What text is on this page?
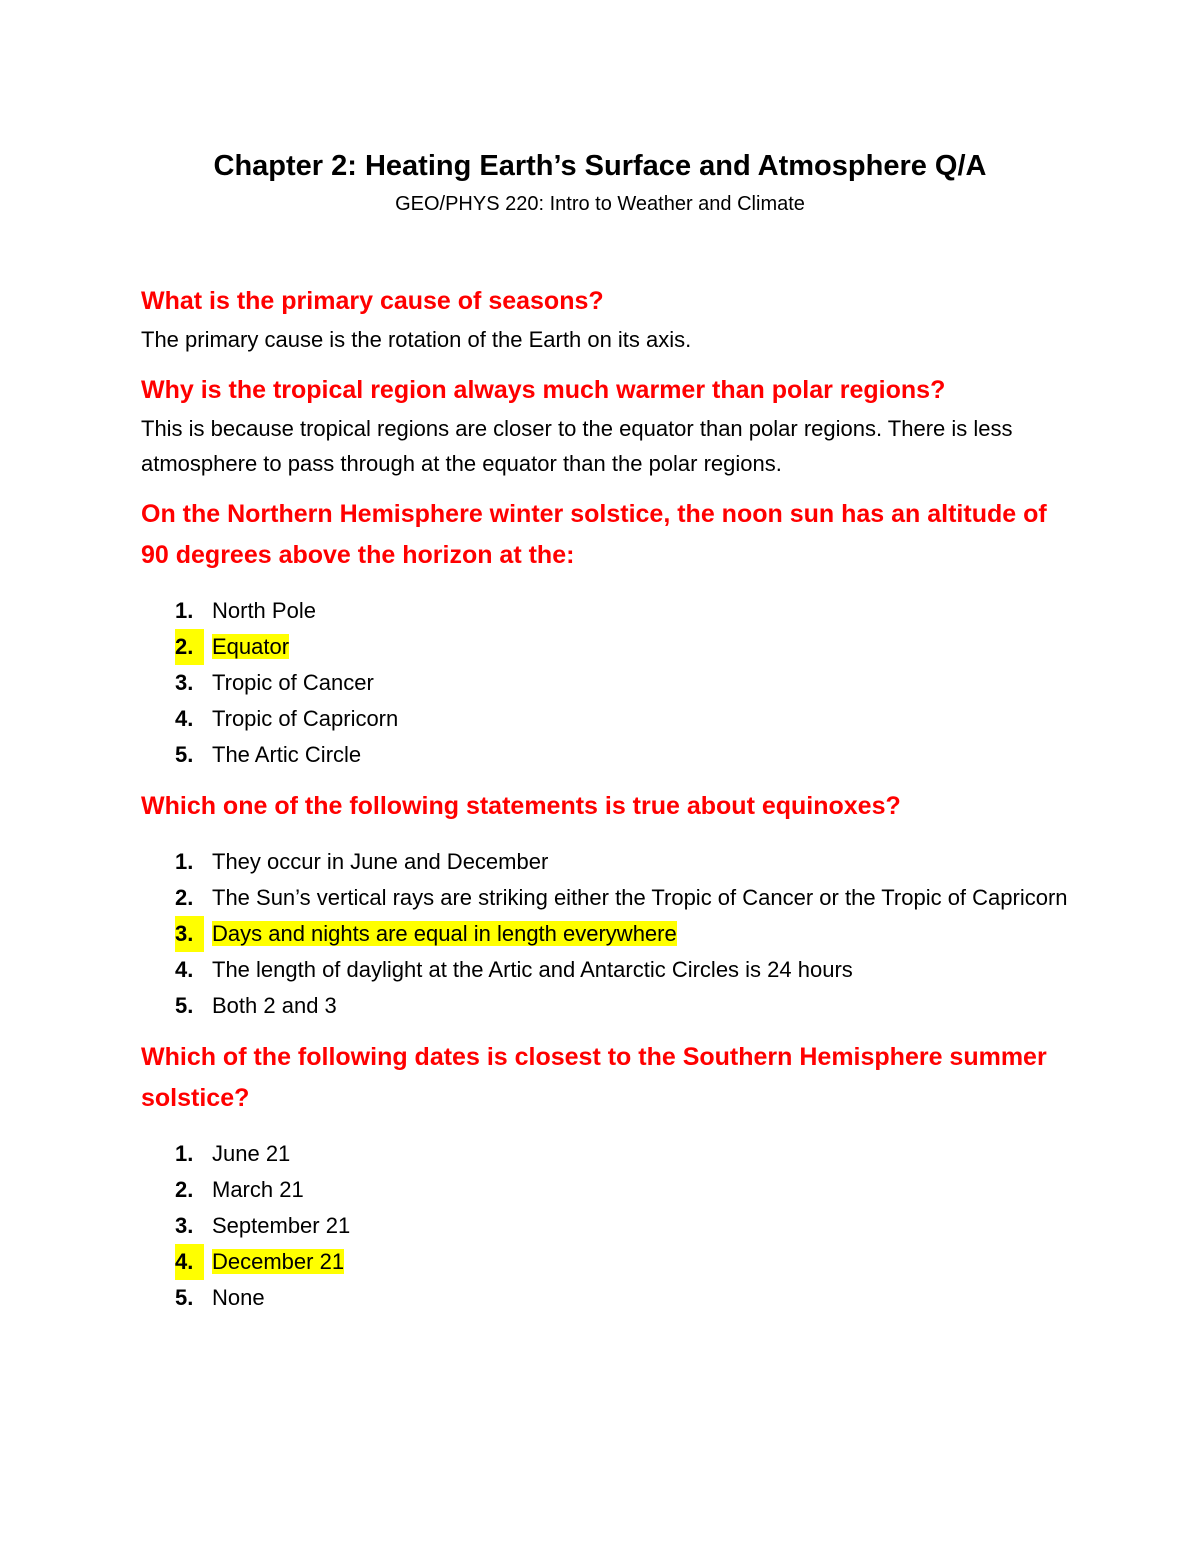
Chapter 2: Heating Earth’s Surface and Atmosphere Q/A
GEO/PHYS 220: Intro to Weather and Climate

What is the primary cause of seasons?

The primary cause is the rotation of the Earth on its axis.

Why is the tropical region always much warmer than polar regions?

This is because tropical regions are closer to the equator than polar regions. There is less atmosphere to pass through at the equator than the polar regions.

On the Northern Hemisphere winter solstice, the noon sun has an altitude of 90 degrees above the horizon at the:

1. North Pole
2. Equator
3. Tropic of Cancer
4. Tropic of Capricorn
5. The Artic Circle

Which one of the following statements is true about equinoxes?

1. They occur in June and December
2. The Sun’s vertical rays are striking either the Tropic of Cancer or the Tropic of Capricorn
3. Days and nights are equal in length everywhere
4. The length of daylight at the Artic and Antarctic Circles is 24 hours
5. Both 2 and 3

Which of the following dates is closest to the Southern Hemisphere summer solstice?

1. June 21
2. March 21
3. September 21
4. December 21
5. None
